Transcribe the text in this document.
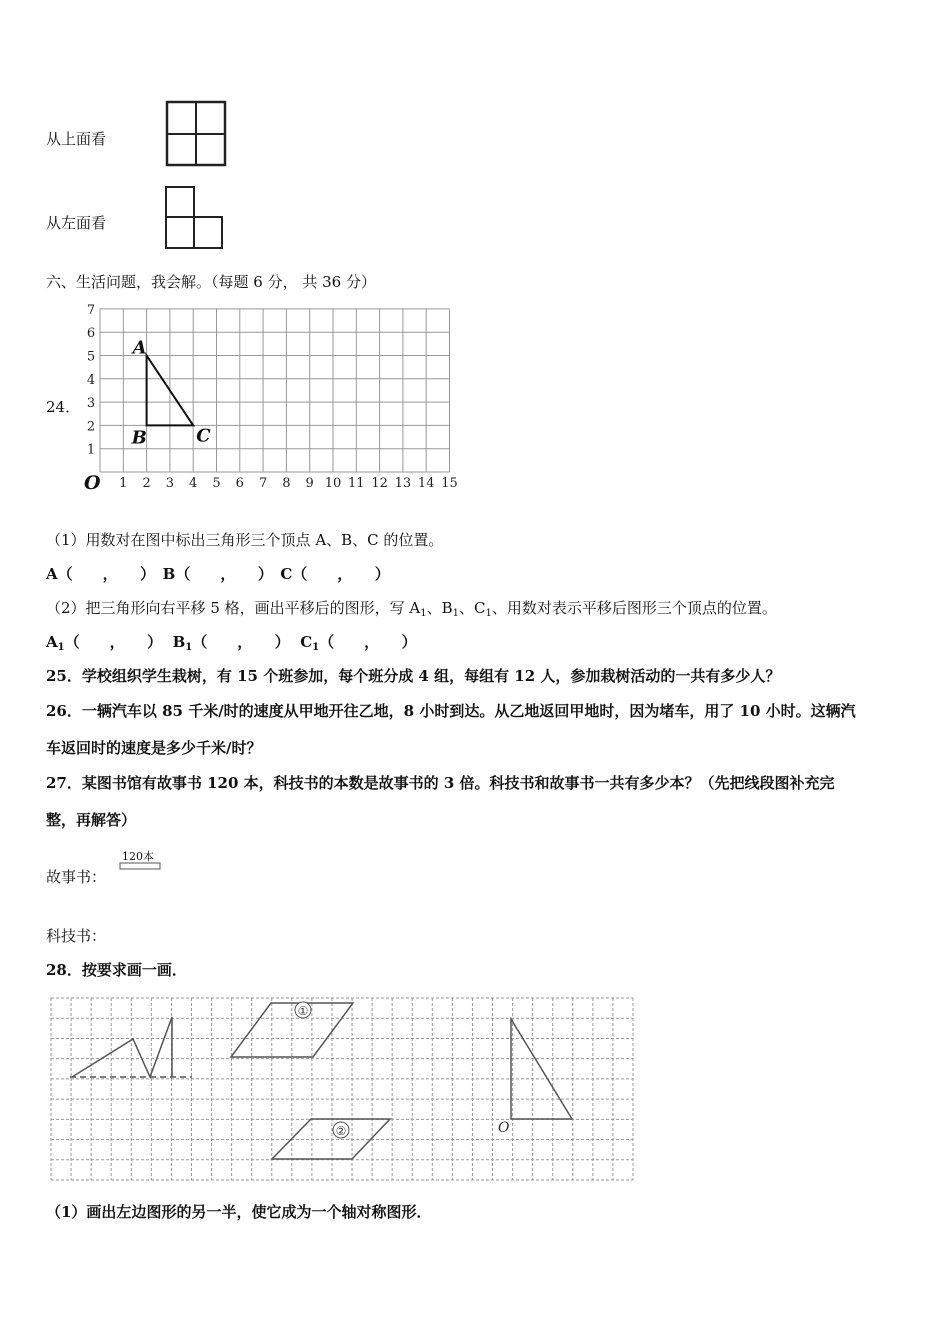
从上面看
从左面看
六、生活问题，我会解。（每题 6 分， 共 36 分）
24．
1 2 3 4 5 6 7 8 9 10 11 12 13 14 15
1
2
3
4
5
6
7
O
A
B	C
（1）用数对在图中标出三角形三个顶点 A、B、C 的位置。
A（　　，　　）　B（　　，　　）　C（　　，　　）
（2）把三角形向右平移 5 格，画出平移后的图形，写 $A_1$、$B_1$、$C_1$、用数对表示平移后图形三个顶点的位置。
$A_1$（　　，　　） $B_1$（　　，　　） $C_1$（　　，　　）
25．学校组织学生栽树，有 15 个班参加，每个班分成 4 组，每组有 12 人，参加栽树活动的一共有多少人？
26．一辆汽车以 85 千米/时的速度从甲地开往乙地，8 小时到达。从乙地返回甲地时，因为堵车，用了 10 小时。这辆汽
车返回时的速度是多少千米/时？
27．某图书馆有故事书 120 本，科技书的本数是故事书的 3 倍。科技书和故事书一共有多少本？（先把线段图补充完
整，再解答）
故事书：
120本
科技书：
28．按要求画一画．
①
②	O
（1）画出左边图形的另一半，使它成为一个轴对称图形．
